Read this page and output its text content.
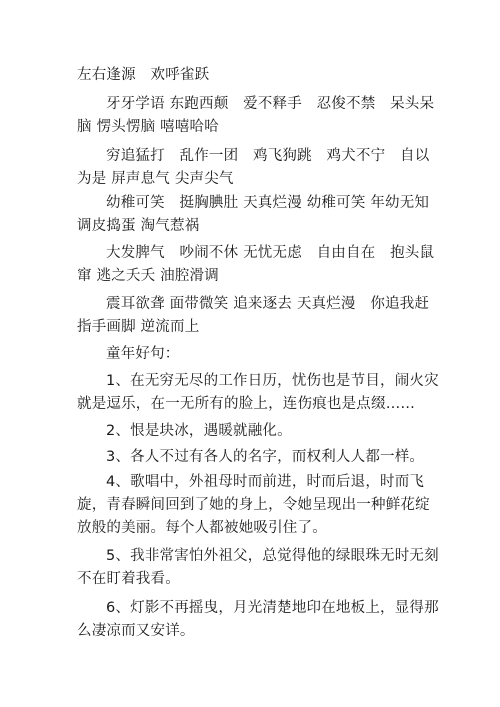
左右逢源　欢呼雀跃

牙牙学语 东跑西颠　爱不释手　忍俊不禁　呆头呆脑 愣头愣脑 嘻嘻哈哈

穷追猛打　乱作一团　鸡飞狗跳　鸡犬不宁　自以为是 屏声息气 尖声尖气

幼稚可笑　挺胸腆肚 天真烂漫 幼稚可笑 年幼无知 调皮捣蛋 淘气惹祸

大发脾气　吵闹不休 无忧无虑　自由自在　抱头鼠窜 逃之夭夭 油腔滑调

震耳欲聋 面带微笑 追来逐去 天真烂漫　你追我赶　指手画脚 逆流而上

童年好句：

1、在无穷无尽的工作日历，忧伤也是节目，闹火灾就是逗乐，在一无所有的脸上，连伤痕也是点缀……

2、恨是块冰，遇暖就融化。

3、各人不过有各人的名字，而权利人人都一样。

4、歌唱中，外祖母时而前进，时而后退，时而飞旋，青春瞬间回到了她的身上，令她呈现出一种鲜花绽放般的美丽。每个人都被她吸引住了。

5、我非常害怕外祖父，总觉得他的绿眼珠无时无刻不在盯着我看。

6、灯影不再摇曳，月光清楚地印在地板上，显得那么凄凉而又安详。
